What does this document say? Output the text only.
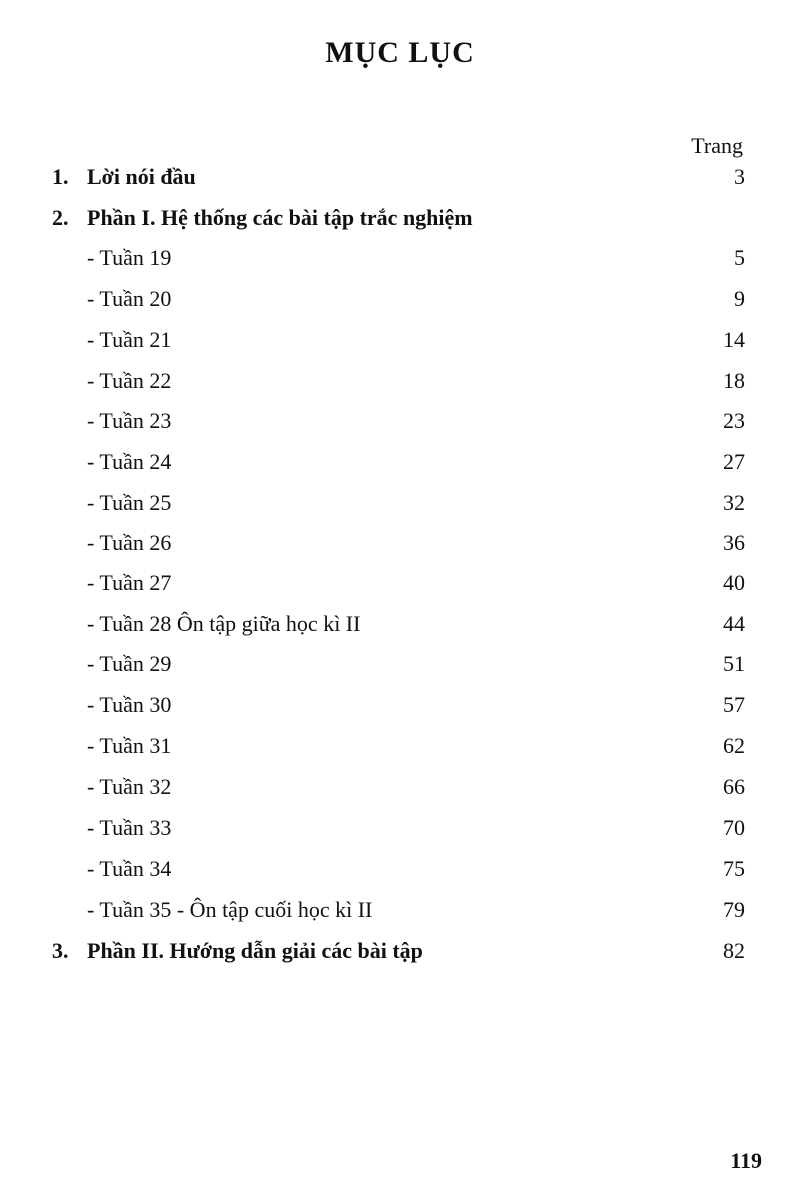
MỤC LỤC
Trang
1. Lời nói đầu	3
2. Phần I. Hệ thống các bài tập trắc nghiệm
- Tuần 19	5
- Tuần 20	9
- Tuần 21	14
- Tuần 22	18
- Tuần 23	23
- Tuần 24	27
- Tuần 25	32
- Tuần 26	36
- Tuần 27	40
- Tuần 28 Ôn tập giữa học kì II	44
- Tuần 29	51
- Tuần 30	57
- Tuần 31	62
- Tuần 32	66
- Tuần 33	70
- Tuần 34	75
- Tuần 35 - Ôn tập cuối học kì II	79
3. Phần II. Hướng dẫn giải các bài tập	82
119
